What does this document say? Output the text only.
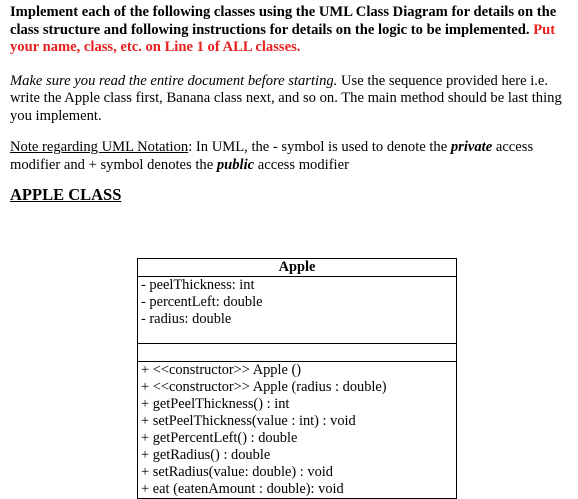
Implement each of the following classes using the UML Class Diagram for details on the class structure and following instructions for details on the logic to be implemented. Put your name, class, etc. on Line 1 of ALL classes.

Make sure you read the entire document before starting. Use the sequence provided here i.e. write the Apple class first, Banana class next, and so on. The main method should be last thing you implement.

Note regarding UML Notation: In UML, the - symbol is used to denote the private access modifier and + symbol denotes the public access modifier

APPLE CLASS
Apple
- peelThickness: int
- percentLeft: double
- radius: double
+ <<constructor>> Apple ()
+ <<constructor>> Apple (radius : double)
+ getPeelThickness() : int
+ setPeelThickness(value : int) : void
+ getPercentLeft() : double
+ getRadius() : double
+ setRadius(value: double) : void
+ eat (eatenAmount : double): void
